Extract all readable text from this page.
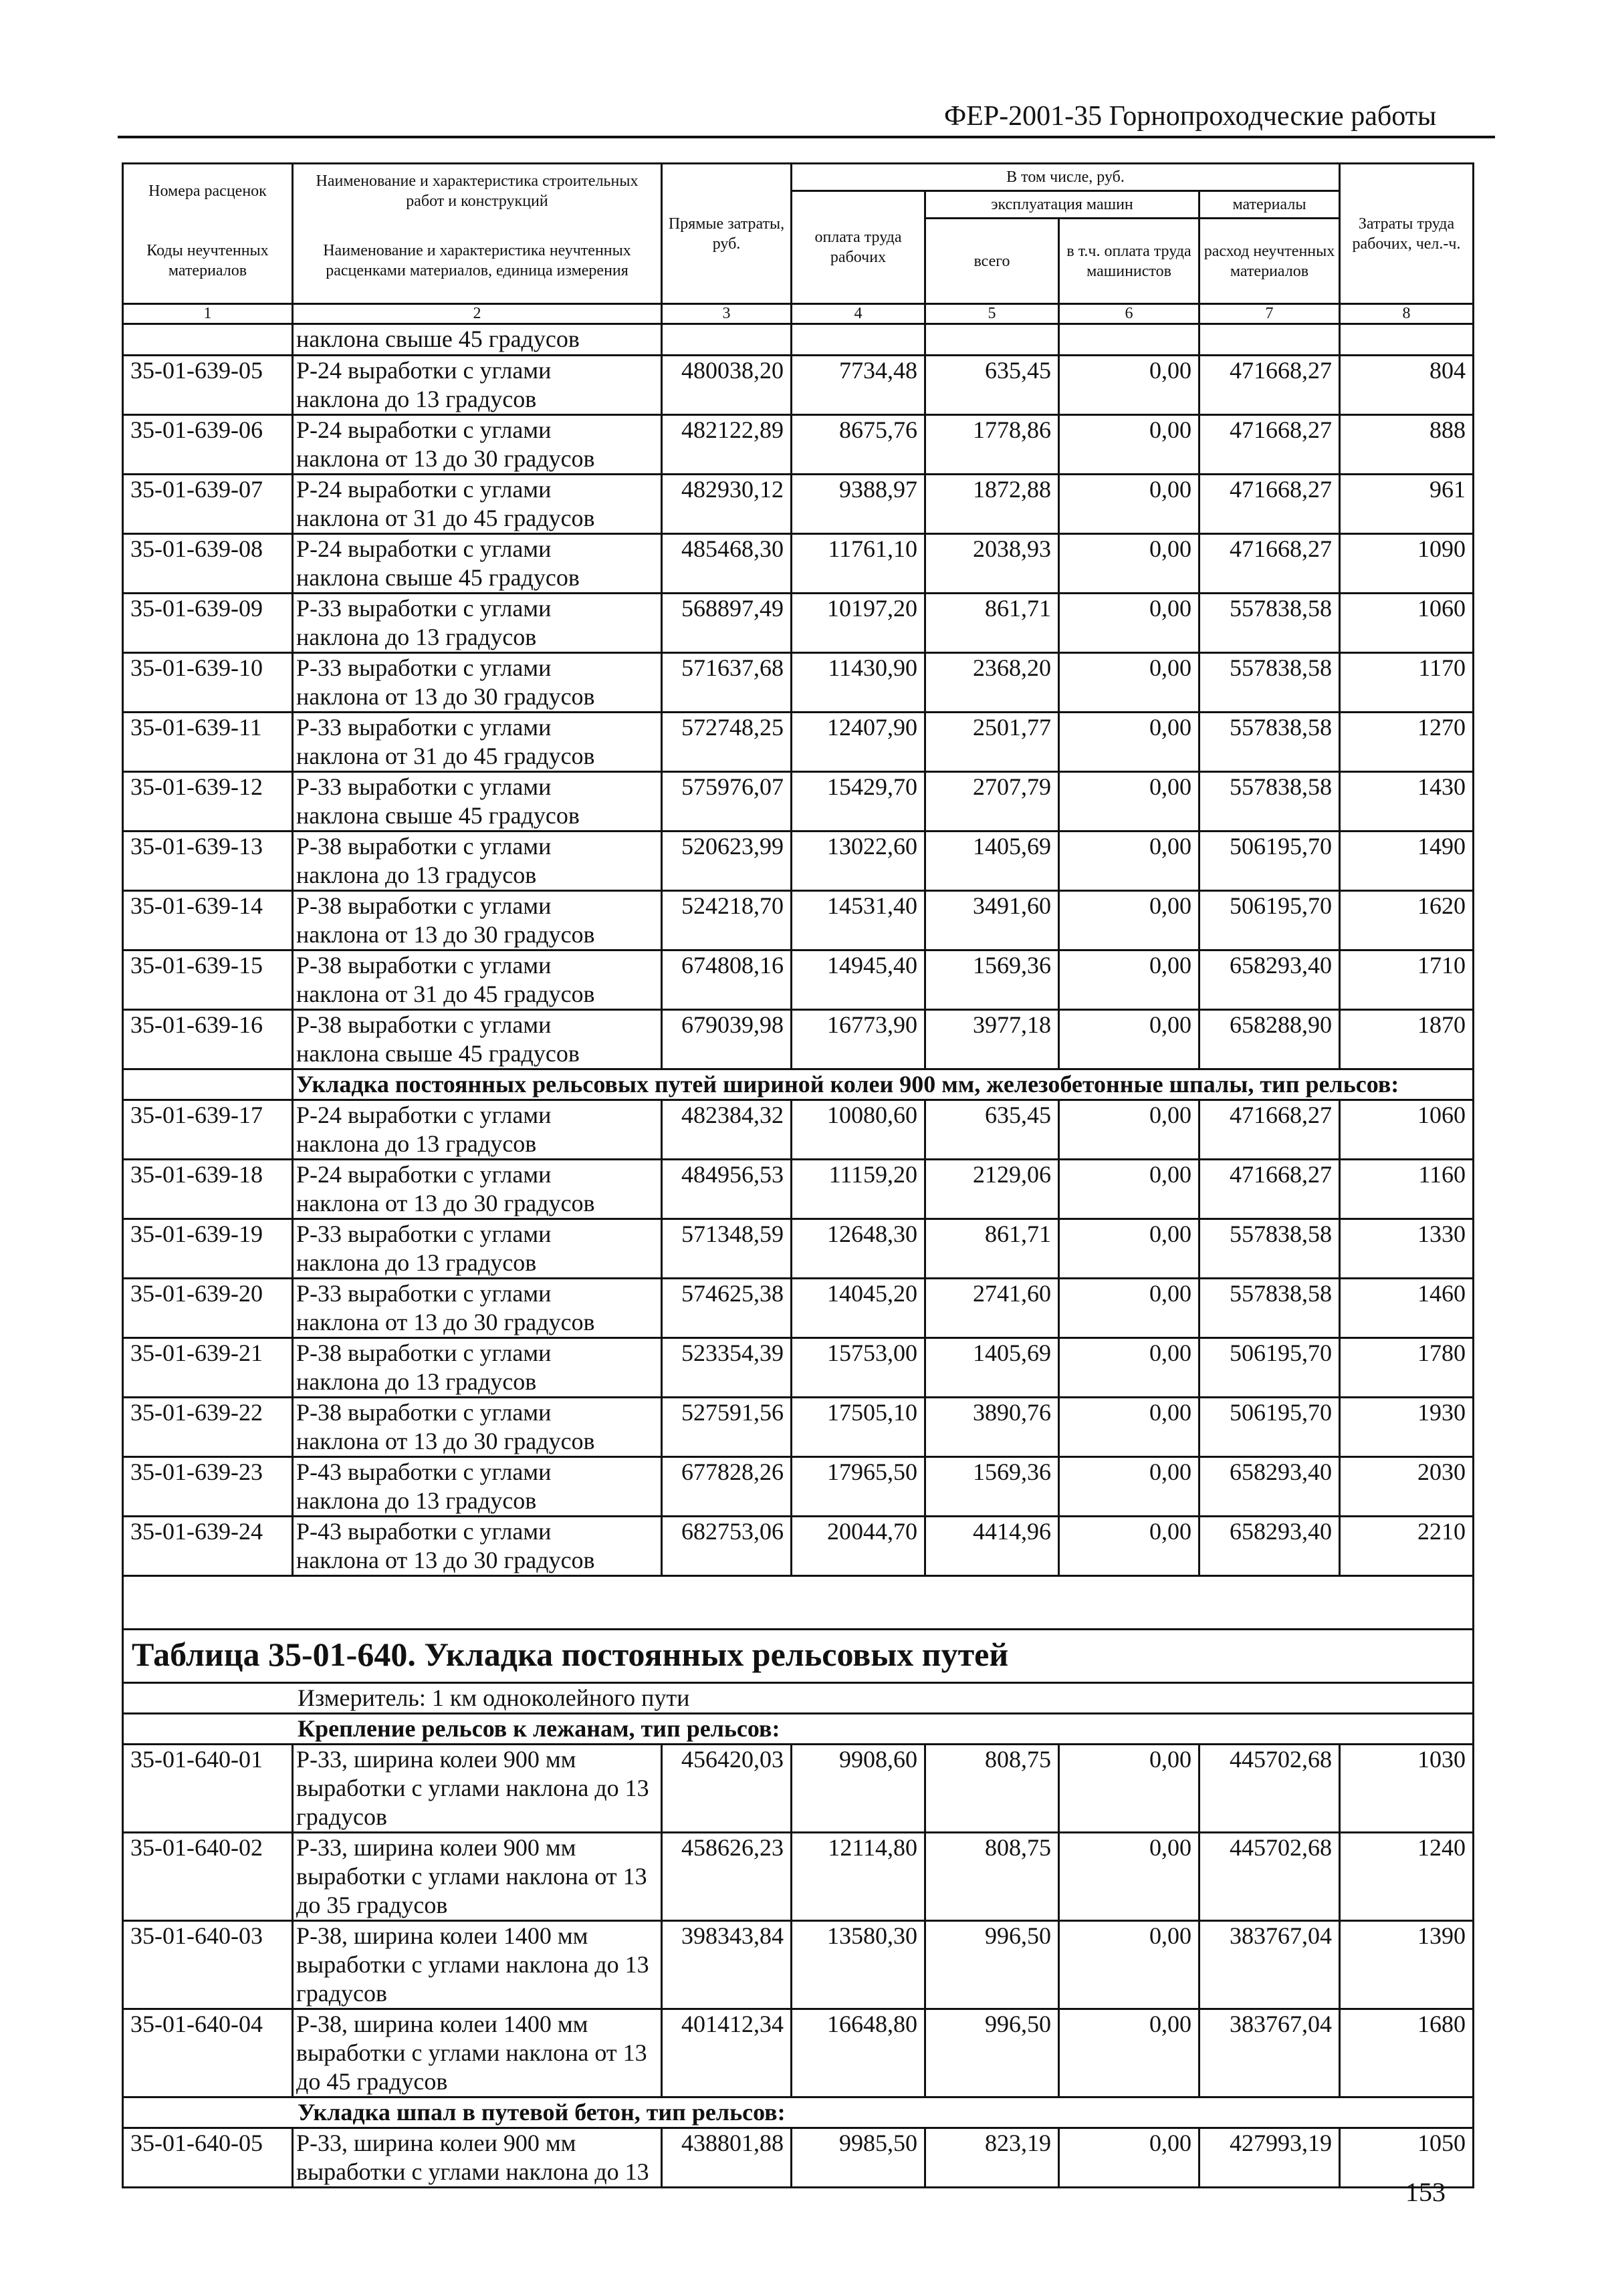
ФЕР-2001-35 Горнопроходческие работы
Номера расценок	Наименование и характеристика строительных работ и конструкций	Прямые затраты, руб.	В том числе, руб.				Затраты труда рабочих, чел.-ч.
			оплата труда рабочих	эксплуатация машин		материалы	
Коды неучтенных материалов	Наименование и характеристика неучтенных расценками материалов, единица измерения			всего	в т.ч. оплата труда машинистов	расход неучтенных материалов	

1	2	3	4	5	6	7	8
	наклона свыше 45 градусов						
35-01-639-05	Р-24 выработки с углами
наклона до 13 градусов	480038,20	7734,48	635,45	0,00	471668,27	804
35-01-639-06	Р-24 выработки с углами
наклона от 13 до 30 градусов	482122,89	8675,76	1778,86	0,00	471668,27	888
35-01-639-07	Р-24 выработки с углами
наклона от 31 до 45 градусов	482930,12	9388,97	1872,88	0,00	471668,27	961
35-01-639-08	Р-24 выработки с углами
наклона свыше 45 градусов	485468,30	11761,10	2038,93	0,00	471668,27	1090
35-01-639-09	Р-33 выработки с углами
наклона до 13 градусов	568897,49	10197,20	861,71	0,00	557838,58	1060
35-01-639-10	Р-33 выработки с углами
наклона от 13 до 30 градусов	571637,68	11430,90	2368,20	0,00	557838,58	1170
35-01-639-11	Р-33 выработки с углами
наклона от 31 до 45 градусов	572748,25	12407,90	2501,77	0,00	557838,58	1270
35-01-639-12	Р-33 выработки с углами
наклона свыше 45 градусов	575976,07	15429,70	2707,79	0,00	557838,58	1430
35-01-639-13	Р-38 выработки с углами
наклона до 13 градусов	520623,99	13022,60	1405,69	0,00	506195,70	1490
35-01-639-14	Р-38 выработки с углами
наклона от 13 до 30 градусов	524218,70	14531,40	3491,60	0,00	506195,70	1620
35-01-639-15	Р-38 выработки с углами
наклона от 31 до 45 градусов	674808,16	14945,40	1569,36	0,00	658293,40	1710
35-01-639-16	Р-38 выработки с углами
наклона свыше 45 градусов	679039,98	16773,90	3977,18	0,00	658288,90	1870
	Укладка постоянных рельсовых путей шириной колеи 900 мм, железобетонные шпалы, тип рельсов:						
35-01-639-17	Р-24 выработки с углами
наклона до 13 градусов	482384,32	10080,60	635,45	0,00	471668,27	1060
35-01-639-18	Р-24 выработки с углами
наклона от 13 до 30 градусов	484956,53	11159,20	2129,06	0,00	471668,27	1160
35-01-639-19	Р-33 выработки с углами
наклона до 13 градусов	571348,59	12648,30	861,71	0,00	557838,58	1330
35-01-639-20	Р-33 выработки с углами
наклона от 13 до 30 градусов	574625,38	14045,20	2741,60	0,00	557838,58	1460
35-01-639-21	Р-38 выработки с углами
наклона до 13 градусов	523354,39	15753,00	1405,69	0,00	506195,70	1780
35-01-639-22	Р-38 выработки с углами
наклона от 13 до 30 градусов	527591,56	17505,10	3890,76	0,00	506195,70	1930
35-01-639-23	Р-43 выработки с углами
наклона до 13 градусов	677828,26	17965,50	1569,36	0,00	658293,40	2030
35-01-639-24	Р-43 выработки с углами
наклона от 13 до 30 градусов	682753,06	20044,70	4414,96	0,00	658293,40	2210

Таблица 35-01-640. Укладка постоянных рельсовых путей							
Измеритель: 1 км одноколейного пути							
Крепление рельсов к лежанам, тип рельсов:							
35-01-640-01	Р-33, ширина колеи 900 мм
выработки с углами наклона до 13
градусов	456420,03	9908,60	808,75	0,00	445702,68	1030
35-01-640-02	Р-33, ширина колеи 900 мм
выработки с углами наклона от 13
до 35 градусов	458626,23	12114,80	808,75	0,00	445702,68	1240
35-01-640-03	Р-38, ширина колеи 1400 мм
выработки с углами наклона до 13
градусов	398343,84	13580,30	996,50	0,00	383767,04	1390
35-01-640-04	Р-38, ширина колеи 1400 мм
выработки с углами наклона от 13
до 45 градусов	401412,34	16648,80	996,50	0,00	383767,04	1680
Укладка шпал в путевой бетон, тип рельсов:							
35-01-640-05	Р-33, ширина колеи 900 мм
выработки с углами наклона до 13	438801,88	9985,50	823,19	0,00	427993,19	1050
153
